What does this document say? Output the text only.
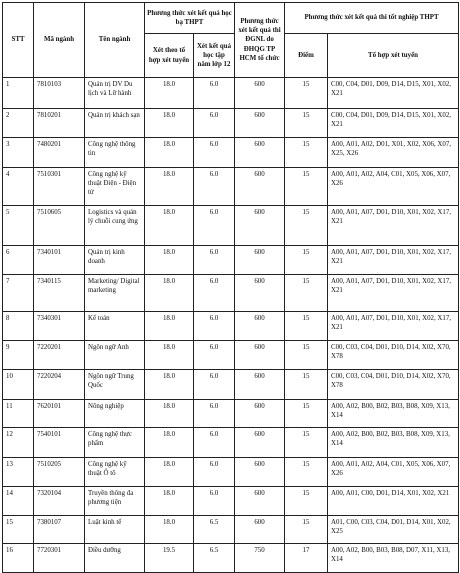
STT	Mã ngành	Tên ngành	Phương thức xét kết quả học bạ THPT		Phương thức xét kết quả thi ĐGNL do ĐHQG TP HCM tổ chức	Phương thức xét kết quả thi tốt nghiệp THPT	
			Xét theo tổ hợp xét tuyển	Xét kết quả học tập năm lớp 12		Điểm	Tổ hợp xét tuyển
1	7810103	Quản trị DV Du lịch và Lữ hành	18.0	6.0	600	15	C00, C04, D01, D09, D14, D15, X01, X02, X21
2	7810201	Quản trị khách sạn	18.0	6.0	600	15	C00, C04, D01, D09, D14, D15, X01, X02, X21
3	7480201	Công nghệ thông tin	18.0	6.0	600	15	A00, A01, A02, D01, X01, X02, X06, X07, X25, X26
4	7510301	Công nghệ kỹ thuật Điện - Điện tử	18.0	6.0	600	15	A00, A01, A02, A04, C01, X05, X06, X07, X26
5	7510605	Logistics và quản lý chuỗi cung ứng	18.0	6.0	600	15	A00, A01, A07, D01, D10, X01, X02, X17, X21
6	7340101	Quản trị kinh doanh	18.0	6.0	600	15	A00, A01, A07, D01, D10, X01, X02, X17, X21
7	7340115	Marketing/ Digital marketing	18.0	6.0	600	15	A00, A01, A07, D01, D10, X01, X02, X17, X21
8	7340301	Kế toán	18.0	6.0	600	15	A00, A01, A07, D01, D10, X01, X02, X17, X21
9	7220201	Ngôn ngữ Anh	18.0	6.0	600	15	C00, C03, C04, D01, D10, D14, X02, X70, X78
10	7220204	Ngôn ngữ Trung Quốc	18.0	6.0	600	15	C00, C03, C04, D01, D10, D14, X02, X70, X78
11	7620101	Nông nghiệp	18.0	6.0	600	15	A00, A02, B00, B02, B03, B08, X09, X13, X14
12	7540101	Công nghệ thực phẩm	18.0	6.0	600	15	A00, A02, B00, B02, B03, B08, X09, X13, X14
13	7510205	Công nghệ kỹ thuật Ô tô	18.0	6.0	600	15	A00, A01, A02, A04, C01, X05, X06, X07, X26
14	7320104	Truyền thông đa phương tiện	18.0	6.0	600	15	A00, A01, C00, D01, D14, X01, X02, X21
15	7380107	Luật kinh tế	18.0	6.5	600	15	A01, C00, C03, C04, D01, D14, X01, X02, X25
16	7720301	Điều dưỡng	19.5	6.5	750	17	A00, A02, B00, B03, B08, D07, X11, X13, X14
